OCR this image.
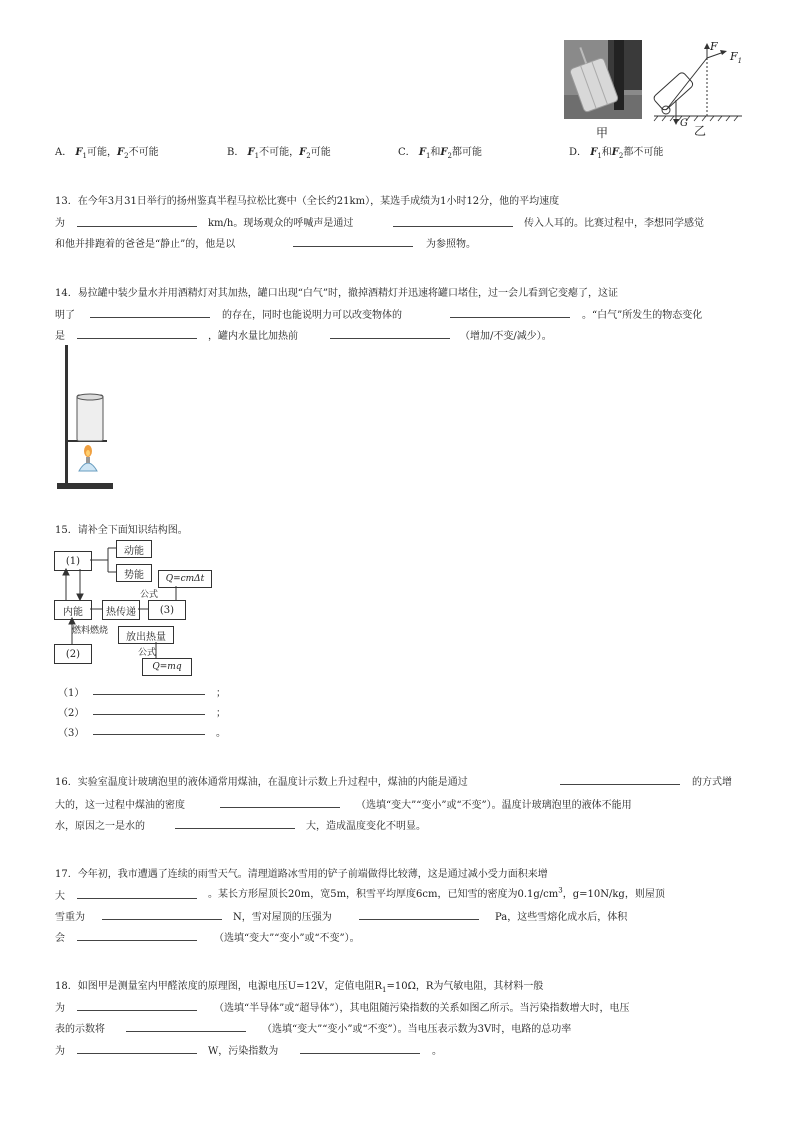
甲
F
$F_1$
G
乙
A． $F_1$可能，$F_2$不可能	B． $F_1$不可能，$F_2$可能	C． $F_1$和$F_2$都可能	D． $F_1$和$F_2$都不可能
13．在今年3月31日举行的扬州鉴真半程马拉松比赛中（全长约21km），某选手成绩为1小时12分，他的平均速度
为	km/h。现场观众的呼喊声是通过	传入人耳的。比赛过程中，李想同学感觉
和他并排跑着的爸爸是“静止”的，他是以	为参照物。
14．易拉罐中装少量水并用酒精灯对其加热，罐口出现“白气”时，撤掉酒精灯并迅速将罐口堵住，过一会儿看到它变瘪了，这证
明了	的存在，同时也能说明力可以改变物体的	。“白气”所发生的物态变化
是	，罐内水量比加热前	（增加/不变/减少）。
15．请补全下面知识结构图。
(1)
动能
势能	Q=cmΔt
内能	热传递	(3)
放出热量
(2)
Q=mq
公式
燃料燃烧
公式
（1）	；
（2）	；
（3）	。
16．实验室温度计玻璃泡里的液体通常用煤油，在温度计示数上升过程中，煤油的内能是通过	的方式增
大的，这一过程中煤油的密度	（选填“变大”“变小”或“不变”）。温度计玻璃泡里的液体不能用
水，原因之一是水的	大，造成温度变化不明显。
17．今年初，我市遭遇了连续的雨雪天气。清理道路冰雪用的铲子前端做得比较薄，这是通过减小受力面积来增
大	。某长方形屋顶长20m，宽5m，积雪平均厚度6cm，已知雪的密度为$0.1g/cm^3$，g=10N/kg，则屋顶
雪重为	N，雪对屋顶的压强为	Pa，这些雪熔化成水后，体积
会	（选填“变大”“变小”或“不变”）。
18．如图甲是测量室内甲醛浓度的原理图，电源电压U=12V，定值电阻$R_1=10\Omega$，R为气敏电阻，其材料一般
为	（选填“半导体”或“超导体”），其电阻随污染指数的关系如图乙所示。当污染指数增大时，电压
表的示数将	（选填“变大”“变小”或“不变”）。当电压表示数为3V时，电路的总功率
为	W，污染指数为	。
